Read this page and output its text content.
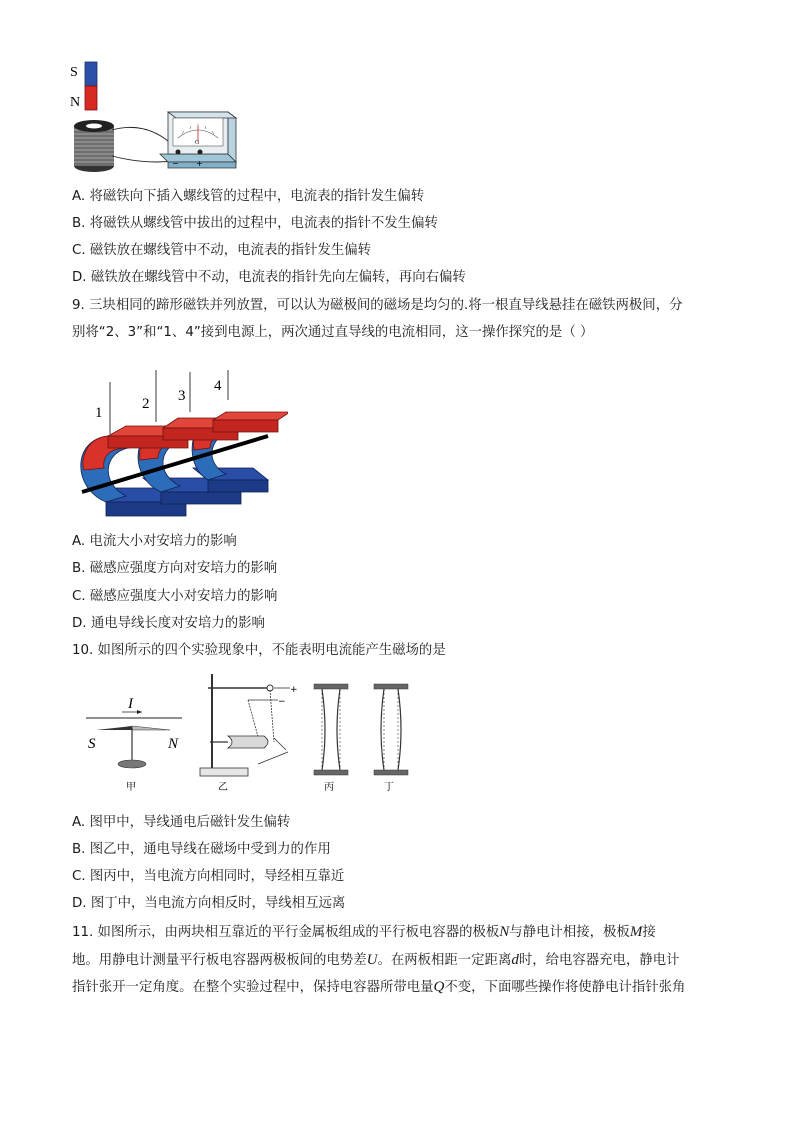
S
N
G
− +
A. 将磁铁向下插入螺线管的过程中，电流表的指针发生偏转
B. 将磁铁从螺线管中拔出的过程中，电流表的指针不发生偏转
C. 磁铁放在螺线管中不动，电流表的指针发生偏转
D. 磁铁放在螺线管中不动，电流表的指针先向左偏转，再向右偏转
9. 三块相同的蹄形磁铁并列放置，可以认为磁极间的磁场是均匀的.将一根直导线悬挂在磁铁两极间，分
别将“2、3”和“1、4”接到电源上，两次通过直导线的电流相同，这一操作探究的是（ ）
1
2 3
4
A. 电流大小对安培力的影响
B. 磁感应强度方向对安培力的影响
C. 磁感应强度大小对安培力的影响
D. 通电导线长度对安培力的影响
10. 如图所示的四个实验现象中，不能表明电流能产生磁场的是
I
S	N
甲
+
−
乙	丙	丁
A. 图甲中，导线通电后磁针发生偏转
B. 图乙中，通电导线在磁场中受到力的作用
C. 图丙中，当电流方向相同时，导经相互靠近
D. 图丁中，当电流方向相反时，导线相互远离
11. 如图所示，由两块相互靠近的平行金属板组成的平行板电容器的极板N与静电计相接，极板M接
地。用静电计测量平行板电容器两极板间的电势差U。在两板相距一定距离d时，给电容器充电，静电计
指针张开一定角度。在整个实验过程中，保持电容器所带电量Q不变，下面哪些操作将使静电计指针张角
